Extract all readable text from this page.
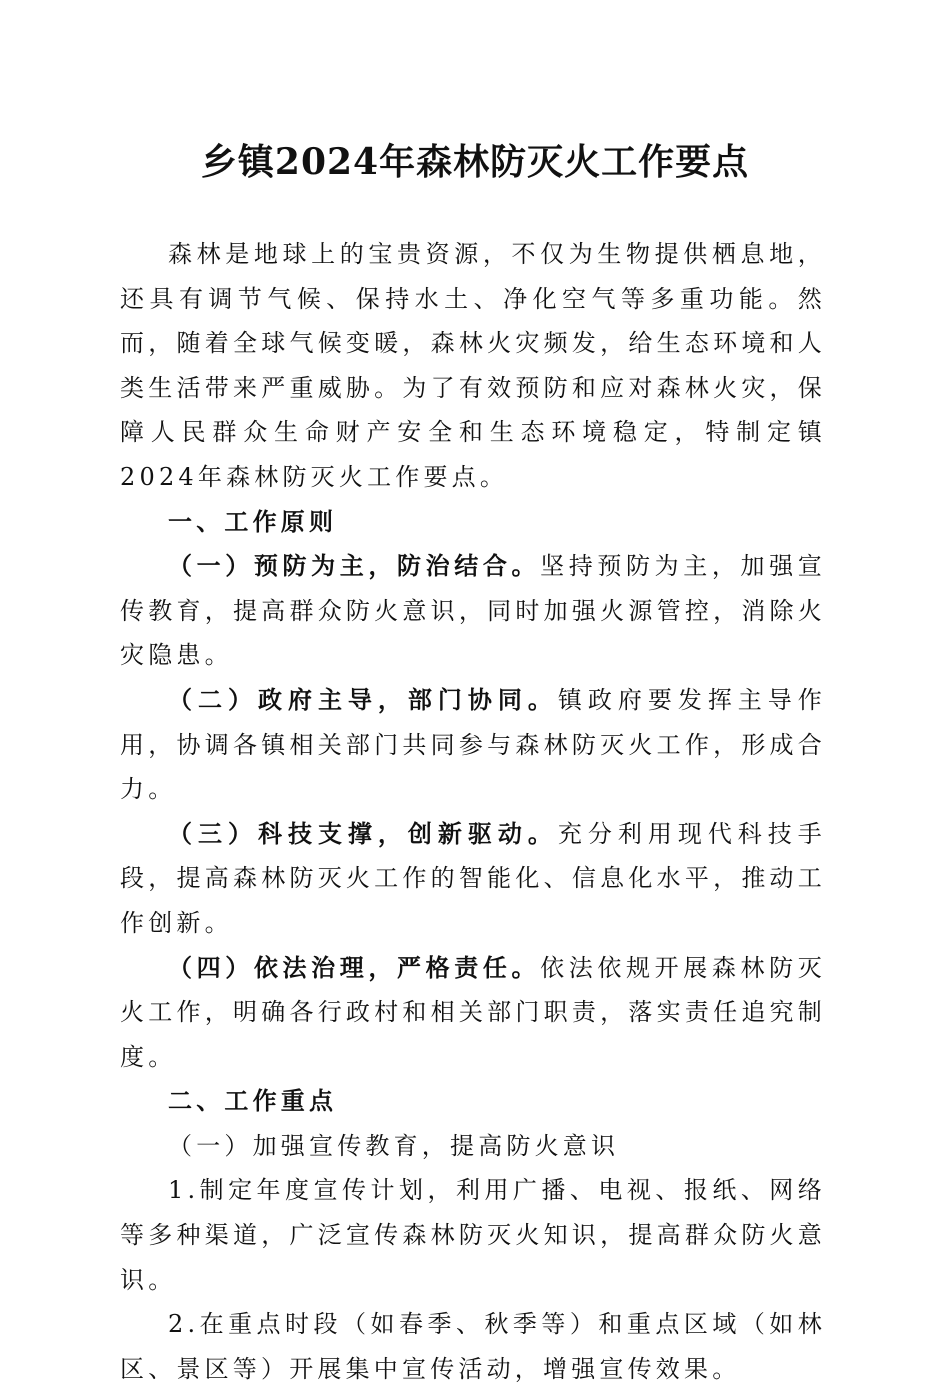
乡镇2024年森林防灭火工作要点

森林是地球上的宝贵资源，不仅为生物提供栖息地，还具有调节气候、保持水土、净化空气等多重功能。然而，随着全球气候变暖，森林火灾频发，给生态环境和人类生活带来严重威胁。为了有效预防和应对森林火灾，保障人民群众生命财产安全和生态环境稳定，特制定镇2024年森林防灭火工作要点。

一、工作原则

（一）预防为主，防治结合。坚持预防为主，加强宣传教育，提高群众防火意识，同时加强火源管控，消除火灾隐患。

（二）政府主导，部门协同。镇政府要发挥主导作用，协调各镇相关部门共同参与森林防灭火工作，形成合力。

（三）科技支撑，创新驱动。充分利用现代科技手段，提高森林防灭火工作的智能化、信息化水平，推动工作创新。

（四）依法治理，严格责任。依法依规开展森林防灭火工作，明确各行政村和相关部门职责，落实责任追究制度。

二、工作重点

（一）加强宣传教育，提高防火意识

1.制定年度宣传计划，利用广播、电视、报纸、网络等多种渠道，广泛宣传森林防灭火知识，提高群众防火意识。

2.在重点时段（如春季、秋季等）和重点区域（如林区、景区等）开展集中宣传活动，增强宣传效果。
